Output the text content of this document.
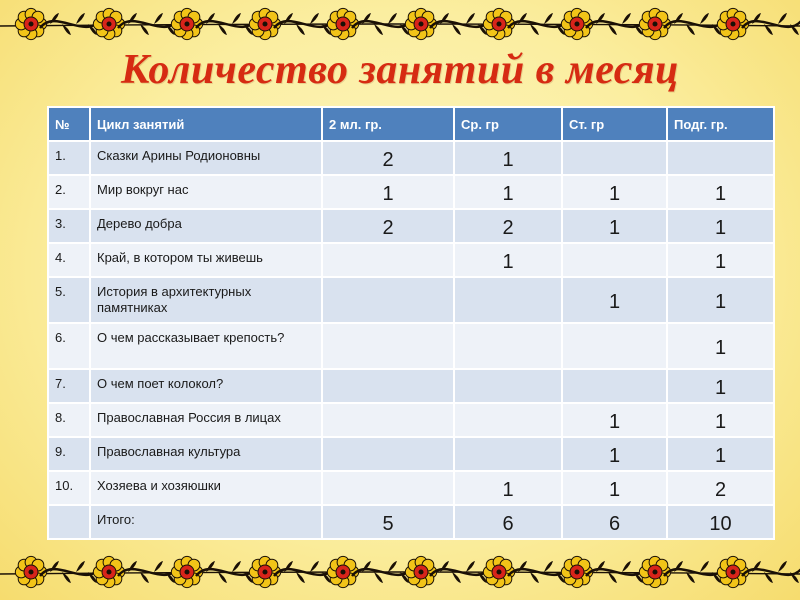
Количество занятий в месяц
№	Цикл занятий	2 мл. гр.	Ср. гр	Ст. гр	Подг. гр.
1.	Сказки Арины Родионовны	2	1		
2.	Мир вокруг нас	1	1	1	1
3.	Дерево добра	2	2	1	1
4.	Край, в котором ты живешь		1		1
5.	История в архитектурных памятниках			1	1
6.	О чем рассказывает крепость?				1
7.	О чем поет колокол?				1
8.	Православная Россия в лицах			1	1
9.	Православная культура			1	1
10.	Хозяева и хозяюшки		1	1	2
	Итого:	5	6	6	10
